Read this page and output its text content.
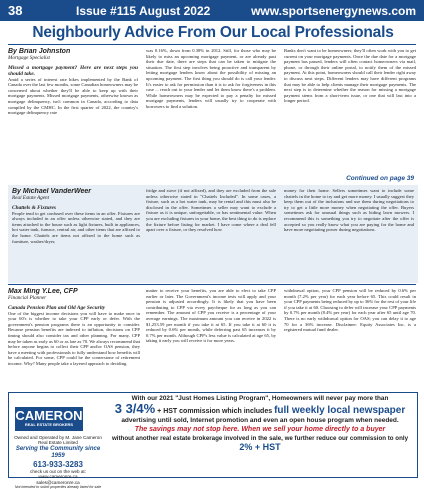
38	Issue #115 August 2022	www.sportsenergynews.com
Neighbourly Advice From Our Local Professionals
By Brian Johnston
Mortgage Specialist
Missed a mortgage payment? Here are next steps you should take.
Amid a series of interest rate hikes implemented by the Bank of Canada over the last few months, some Canadian homeowners may be concerned about whether they'll be able to keep up with their mortgage payments. Missed mortgage payments, otherwise known as mortgage delinquency, isn't common in Canada, according to data compiled by the CMHC. In the first quarter of 2022, the country's mortgage delinquency rate
was 0.16%, down from 0.38% in 2012. Still, for those who may be likely to miss an upcoming mortgage payment, or are already past their due date, there are steps that can be taken to mitigate the situation. The first step involves being proactive and transparent by letting mortgage lenders know about the possibility of missing an upcoming payment. The first thing you should do is call your lender. It's easier to ask for permission than it is to ask for forgiveness in this case ... reach out to your lender and let them know there's a problem. While homeowners may be expected to pay a penalty for missed mortgage payments, lenders will usually try to cooperate with borrowers to find a solution.
Banks don't want to be homeowners; they'll often work with you to get current on your mortgage payments. Once the due date for a mortgage payment has passed, lenders will often contact homeowners via mail, phone, or through their online portal, to notify them of the missed payment. At this point, homeowners should call their lender right away to discuss next steps. Different lenders may have different programs that may be able to help clients manage their mortgage payments. The next step is to determine whether the reason for missing a mortgage payment stems from a short-term issue, or one that will last into a longer period.
Continued on page 39
By Michael VanderWeer
Real Estate Agent
Chattels & Fixtures
People tend to get confused over these items in an offer. Fixtures are always included in an offer unless otherwise stated, and they are items attached to the house such as light fixtures, built in appliances, hot water tank, furnace, central air, and other items that are affixed to the home. Chattels are items not affixed to the home such as furniture, washer/dryer,
fridge and stove (if not affixed), and they are excluded from the sale unless otherwise stated in "Chattels Included". In some cases, a fixture, such as a hot water tank, may be rental and this must also be disclosed in the offer. Sometimes a seller may want to exclude a fixture as it is unique, unforgettable, or has sentimental value. When you are excluding fixtures in your home, the best thing to do is replace the fixture before listing for market. I have come where a deal fell apart over a fixture, or they resolved how
money for their home. Sellers sometimes want to include some chattels in the home to try and get more money. I usually suggest they keep them out of the inclusions and use them during negotiations to try to get a little more money when negotiating the offer. Buyers sometimes ask for unusual things such as hiding lawn mowers. I recommend this is something you try to negotiate after the offer is accepted so you really know what you are paying for the home and have more negotiating power during negotiations.
Max Ming Y.Lee, CFP
Financial Planner
Canada Pension Plan and Old Age Security
One of the biggest income decisions you will have to make once in your 60's is whether to take your CPP early or defer. With the government's pension programs there is an opportunity to consider. Because pension benefits are indexed to inflation, decisions on CPP timing should also consider tax and other planning. For many, CPP may be taken as early as 60 or as late as 70. We always recommend that before anyone begins to collect their CPP and/or OAS pension, they have a meeting with professionals to fully understand how benefits will be calculated. For some, CPP could be the cornerstone of retirement income. Why? Many people take a layered approach to deciding.
matter to receive your benefits, you are able to elect to take CPP earlier or later. The Government's income tests will apply and your pension is adjusted accordingly. It is likely that you have been contributing to CPP via every paycheque for as long as you can remember. The amount of CPP you receive is a percentage of your average earnings. The maximum amount you can receive in 2022 is $1,253.59 per month if you take it at 65. If you take it at 60 it is reduced by 0.6% per month, while deferring past 65 increases it by 0.7% per month. Although CPP's less value is calculated at age 65, by taking it early you will receive it for more years.
withdrawal option, your CPP pension will be reduced by 0.6% per month (7.2% per year) for each year before 65. This could result in your CPP payments being reduced by up to 36% for the rest of your life if you take it at 60. Choosing to defer will increase your CPP payments by 0.7% per month (8.4% per year) for each year after 65 until age 70. There is no early withdrawal option for OAS; you can delay it to age 70 for a 36% increase. Disclaimer: Equity Associates Inc. is a registered mutual fund dealer.
CAMERON
REAL ESTATE BROKERS
Owned and Operated by M. Jane Cameron Real Estate Limited
Serving the Community since 1959
613-933-3283
check us out on the web at: www.cameronre.ca
sales@cameronre.ca
Not intended to solicit properties already listed for sale
With our 2021 "Just Homes Listing Program", Homeowners will never pay more than
3 3/4% + HST commission which includes full weekly local newspaper
advertising until sold, Internet promotion and even an open house program when needed.
The savings may not stop here. When we sell your home directly to a buyer
without another real estate brokerage involved in the sale, we further reduce our commission to only 2% + HST
